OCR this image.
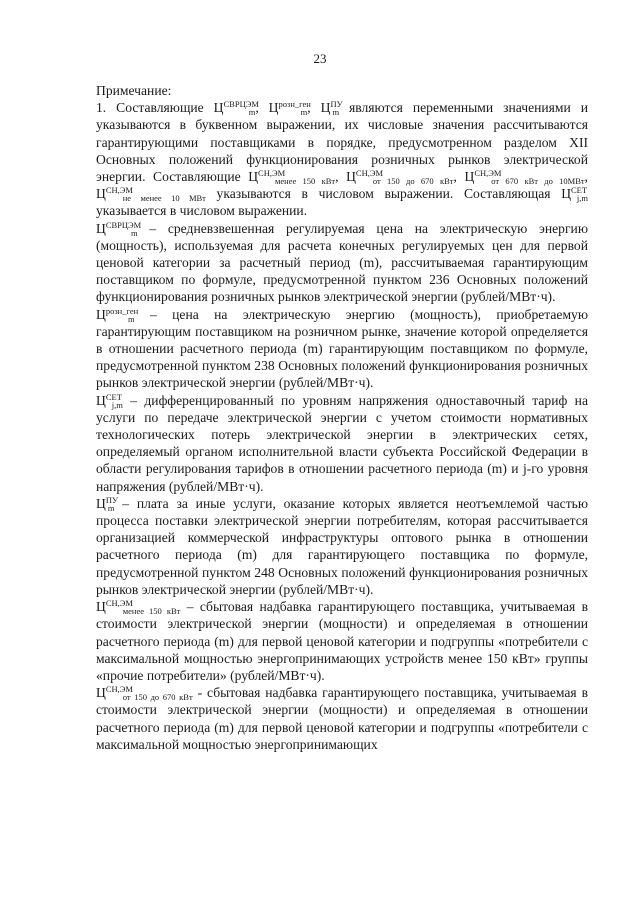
23

Примечание:

1. Составляющие $Ц^{СВРЦЭМ}_m$, $Ц^{розн\_ген}_m$, $Ц^{ПУ}_m$ являются переменными значениями и указываются в буквенном выражении, их числовые значения рассчитываются гарантирующими поставщиками в порядке, предусмотренном разделом XII Основных положений функционирования розничных рынков электрической энергии. Составляющие $Ц^{СН,ЭМ}_{менее 150 кВт}$, $Ц^{СН,ЭМ}_{от 150 до 670 кВт}$, $Ц^{СН,ЭМ}_{от 670 кВт до 10МВт}$, $Ц^{СН,ЭМ}_{не менее 10 МВт}$ указываются в числовом выражении. Составляющая $Ц^{СЕТ}_{j,m}$ указывается в числовом выражении.

$Ц^{СВРЦЭМ}_m$ – средневзвешенная регулируемая цена на электрическую энергию (мощность), используемая для расчета конечных регулируемых цен для первой ценовой категории за расчетный период (m), рассчитываемая гарантирующим поставщиком по формуле, предусмотренной пунктом 236 Основных положений функционирования розничных рынков электрической энергии (рублей/МВт·ч).

$Ц^{розн\_ген}_m$ – цена на электрическую энергию (мощность), приобретаемую гарантирующим поставщиком на розничном рынке, значение которой определяется в отношении расчетного периода (m) гарантирующим поставщиком по формуле, предусмотренной пунктом 238 Основных положений функционирования розничных рынков электрической энергии (рублей/МВт·ч).

$Ц^{СЕТ}_{j,m}$ – дифференцированный по уровням напряжения одноставочный тариф на услуги по передаче электрической энергии с учетом стоимости нормативных технологических потерь электрической энергии в электрических сетях, определяемый органом исполнительной власти субъекта Российской Федерации в области регулирования тарифов в отношении расчетного периода (m) и j-го уровня напряжения (рублей/МВт·ч).

$Ц^{ПУ}_m$ – плата за иные услуги, оказание которых является неотъемлемой частью процесса поставки электрической энергии потребителям, которая рассчитывается организацией коммерческой инфраструктуры оптового рынка в отношении расчетного периода (m) для гарантирующего поставщика по формуле, предусмотренной пунктом 248 Основных положений функционирования розничных рынков электрической энергии (рублей/МВт·ч).

$Ц^{СН,ЭМ}_{менее 150 кВт}$ – сбытовая надбавка гарантирующего поставщика, учитываемая в стоимости электрической энергии (мощности) и определяемая в отношении расчетного периода (m) для первой ценовой категории и подгруппы «потребители с максимальной мощностью энергопринимающих устройств менее 150 кВт» группы «прочие потребители» (рублей/МВт·ч).

$Ц^{СН,ЭМ}_{от 150 до 670 кВт}$ - сбытовая надбавка гарантирующего поставщика, учитываемая в стоимости электрической энергии (мощности) и определяемая в отношении расчетного периода (m) для первой ценовой категории и подгруппы «потребители с максимальной мощностью энергопринимающих
